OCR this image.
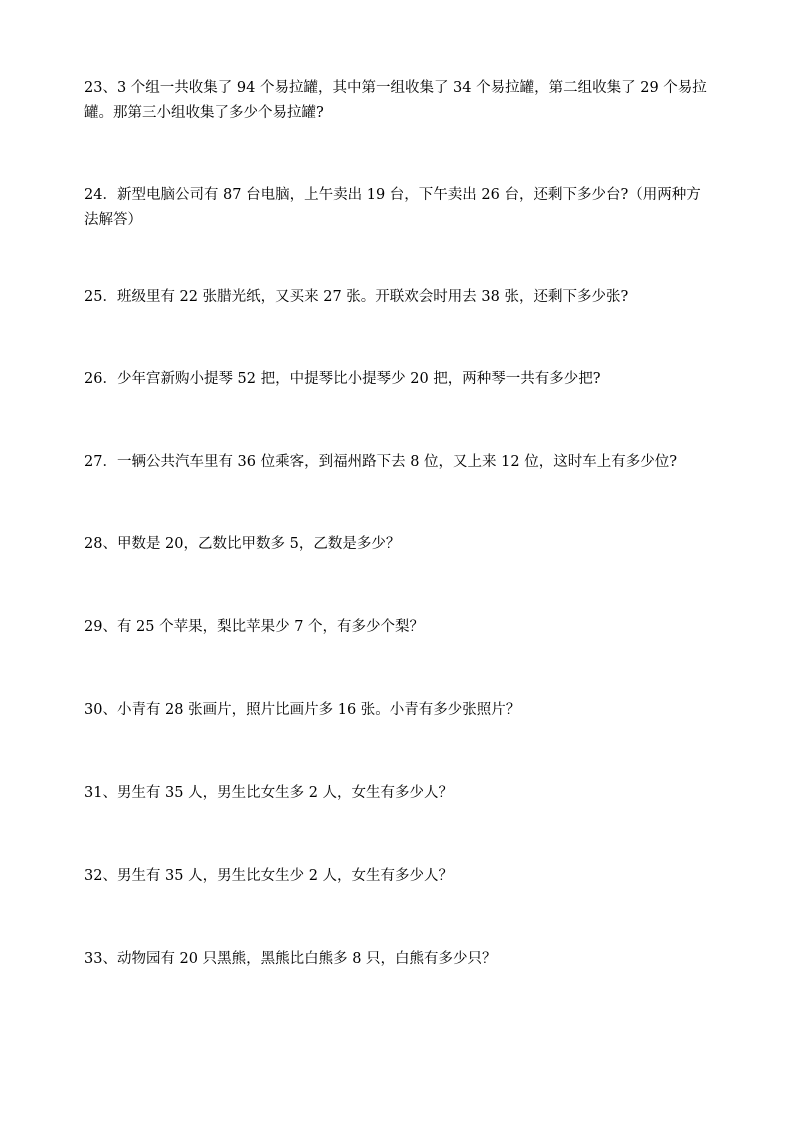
23、3 个组一共收集了 94 个易拉罐，其中第一组收集了 34 个易拉罐，第二组收集了 29 个易拉罐。那第三小组收集了多少个易拉罐?

24．新型电脑公司有 87 台电脑，上午卖出 19 台，下午卖出 26 台，还剩下多少台?（用两种方法解答）

25．班级里有 22 张腊光纸，又买来 27 张。开联欢会时用去 38 张，还剩下多少张?

26．少年宫新购小提琴 52 把，中提琴比小提琴少 20 把，两种琴一共有多少把?

27．一辆公共汽车里有 36 位乘客，到福州路下去 8 位，又上来 12 位，这时车上有多少位?

28、甲数是 20，乙数比甲数多 5，乙数是多少？

29、有 25 个苹果，梨比苹果少 7 个，有多少个梨？

30、小青有 28 张画片，照片比画片多 16 张。小青有多少张照片？

31、男生有 35 人，男生比女生多 2 人，女生有多少人？

32、男生有 35 人，男生比女生少 2 人，女生有多少人？

33、动物园有 20 只黑熊，黑熊比白熊多 8 只，白熊有多少只？
